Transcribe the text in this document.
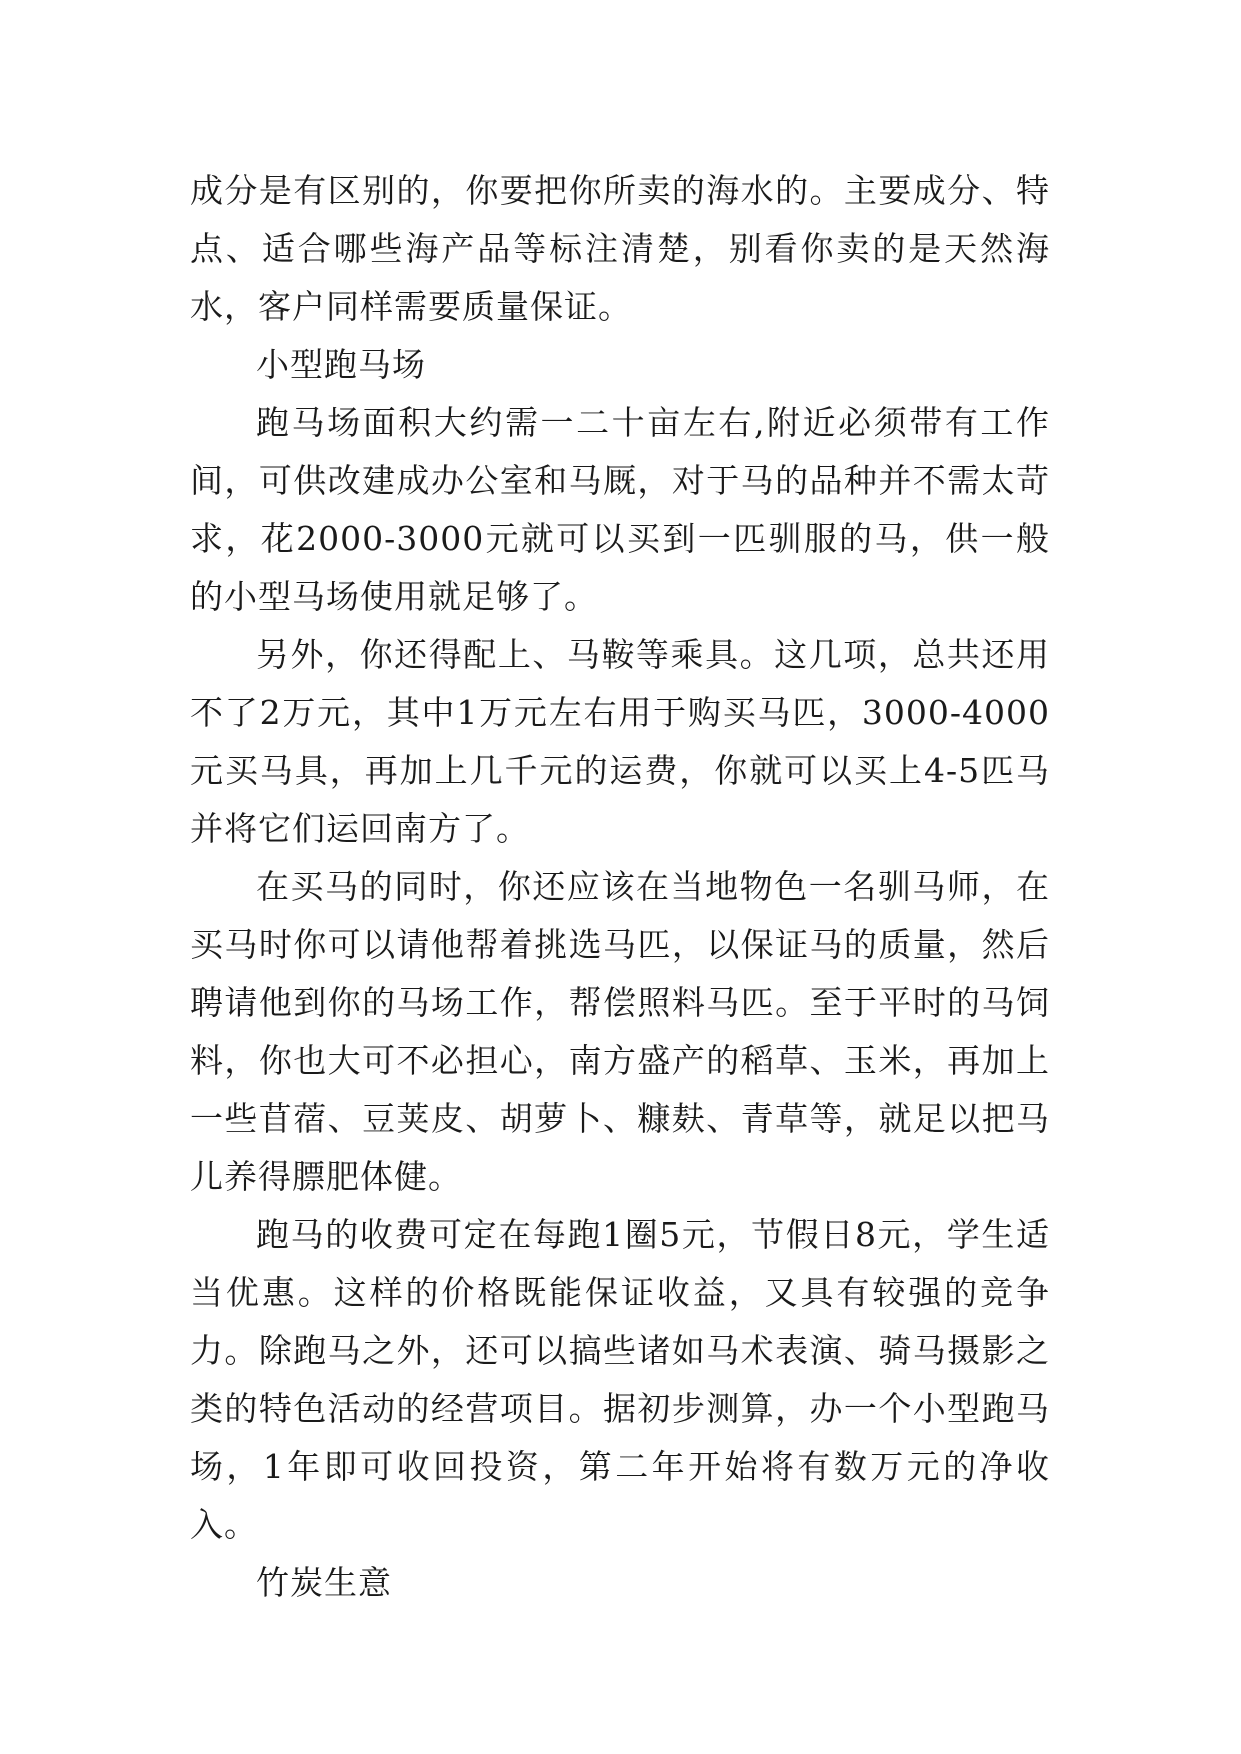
成分是有区别的，你要把你所卖的海水的。主要成分、特点、适合哪些海产品等标注清楚，别看你卖的是天然海水，客户同样需要质量保证。

小型跑马场

跑马场面积大约需一二十亩左右,附近必须带有工作间，可供改建成办公室和马厩，对于马的品种并不需太苛求，花2000-3000元就可以买到一匹驯服的马，供一般的小型马场使用就足够了。

另外，你还得配上、马鞍等乘具。这几项，总共还用不了2万元，其中1万元左右用于购买马匹，3000-4000元买马具，再加上几千元的运费，你就可以买上4-5匹马并将它们运回南方了。

在买马的同时，你还应该在当地物色一名驯马师，在买马时你可以请他帮着挑选马匹，以保证马的质量，然后聘请他到你的马场工作，帮偿照料马匹。至于平时的马饲料，你也大可不必担心，南方盛产的稻草、玉米，再加上一些苜蓿、豆荚皮、胡萝卜、糠麸、青草等，就足以把马儿养得膘肥体健。

跑马的收费可定在每跑1圈5元，节假日8元，学生适当优惠。这样的价格既能保证收益，又具有较强的竞争力。除跑马之外，还可以搞些诸如马术表演、骑马摄影之类的特色活动的经营项目。据初步测算，办一个小型跑马场，1年即可收回投资，第二年开始将有数万元的净收入。

竹炭生意
